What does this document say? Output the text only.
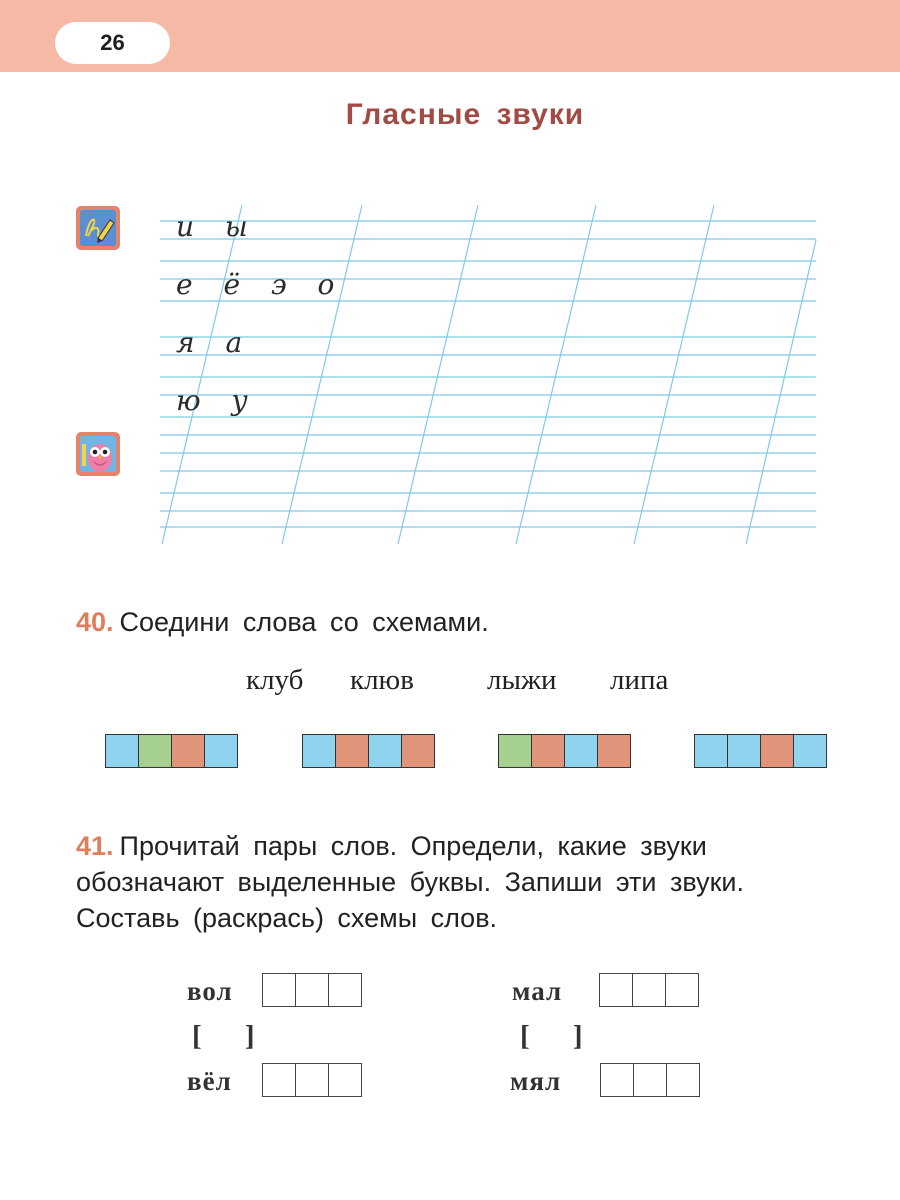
26
Гласные звуки
и ы
е ё э о
я а
ю у
40. Соедини слова со схемами.
клуб клюв	лыжи липа
41. Прочитай пары слов. Определи, какие звуки
обозначают выделенные буквы. Запиши эти звуки.
Составь (раскрась) схемы слов.
вол
[ ]
вёл
мал
[ ]
мял
